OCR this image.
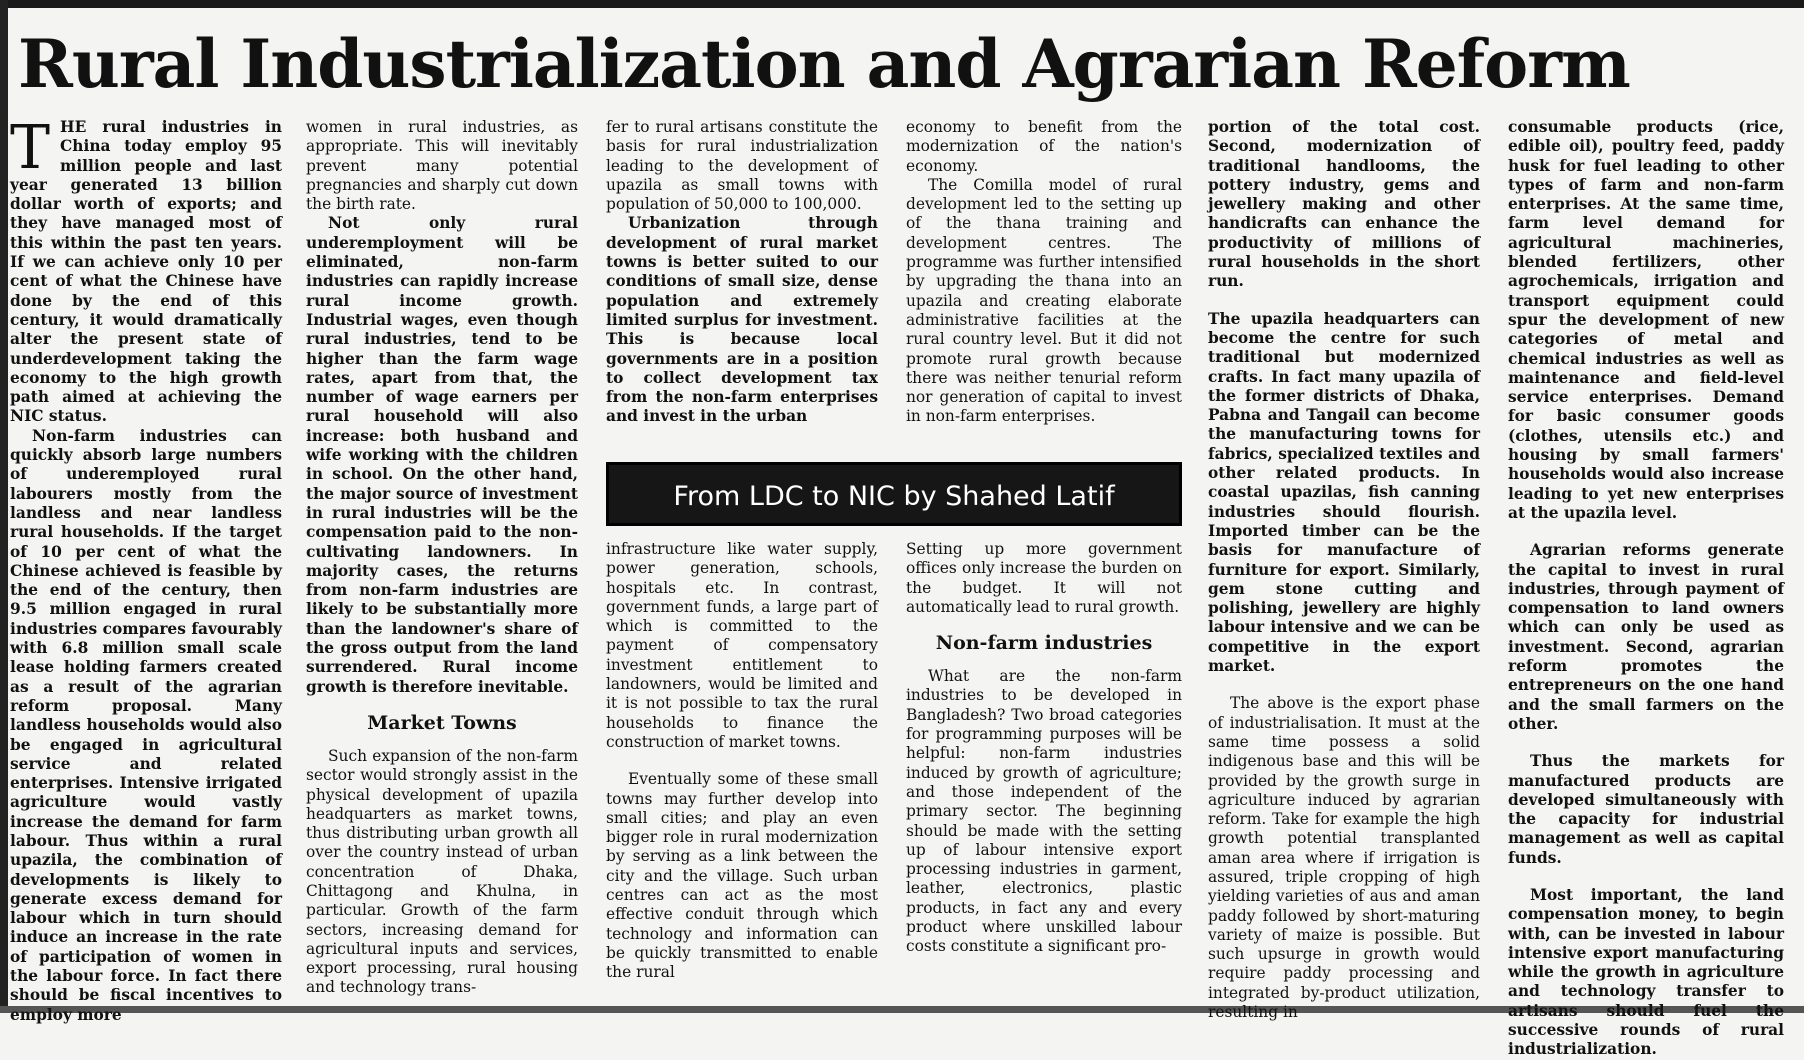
Rural Industrialization and Agrarian Reform

THE rural industries in China today employ 95 million people and last year generated 13 billion dollar worth of exports; and they have managed most of this within the past ten years. If we can achieve only 10 per cent of what the Chinese have done by the end of this century, it would dramatically alter the present state of underdevelopment taking the economy to the high growth path aimed at achieving the NIC status.

Non-farm industries can quickly absorb large numbers of underemployed rural labourers mostly from the landless and near landless rural households. If the target of 10 per cent of what the Chinese achieved is feasible by the end of the century, then 9.5 million engaged in rural industries compares favourably with 6.8 million small scale lease holding farmers created as a result of the agrarian reform proposal. Many landless households would also be engaged in agricultural service and related enterprises. Intensive irrigated agriculture would vastly increase the demand for farm labour. Thus within a rural upazila, the combination of developments is likely to generate excess demand for labour which in turn should induce an increase in the rate of participation of women in the labour force. In fact there should be fiscal incentives to employ more

women in rural industries, as appropriate. This will inevitably prevent many potential pregnancies and sharply cut down the birth rate.

Not only rural underemployment will be eliminated, non-farm industries can rapidly increase rural income growth. Industrial wages, even though rural industries, tend to be higher than the farm wage rates, apart from that, the number of wage earners per rural household will also increase: both husband and wife working with the children in school. On the other hand, the major source of investment in rural industries will be the compensation paid to the non-cultivating landowners. In majority cases, the returns from non-farm industries are likely to be substantially more than the landowner's share of the gross output from the land surrendered. Rural income growth is therefore inevitable.

Market Towns

Such expansion of the non-farm sector would strongly assist in the physical development of upazila headquarters as market towns, thus distributing urban growth all over the country instead of urban concentration of Dhaka, Chittagong and Khulna, in particular. Growth of the farm sectors, increasing demand for agricultural inputs and services, export processing, rural housing and technology trans-

fer to rural artisans constitute the basis for rural industrialization leading to the development of upazila as small towns with population of 50,000 to 100,000.

Urbanization through development of rural market towns is better suited to our conditions of small size, dense population and extremely limited surplus for investment. This is because local governments are in a position to collect development tax from the non-farm enterprises and invest in the urban

economy to benefit from the modernization of the nation's economy.

The Comilla model of rural development led to the setting up of the thana training and development centres. The programme was further intensified by upgrading the thana into an upazila and creating elaborate administrative facilities at the rural country level. But it did not promote rural growth because there was neither tenurial reform nor generation of capital to invest in non-farm enterprises.

From LDC to NIC by Shahed Latif

infrastructure like water supply, power generation, schools, hospitals etc. In contrast, government funds, a large part of which is committed to the payment of compensatory investment entitlement to landowners, would be limited and it is not possible to tax the rural households to finance the construction of market towns.

Eventually some of these small towns may further develop into small cities; and play an even bigger role in rural modernization by serving as a link between the city and the village. Such urban centres can act as the most effective conduit through which technology and information can be quickly transmitted to enable the rural

Setting up more government offices only increase the burden on the budget. It will not automatically lead to rural growth.

Non-farm industries

What are the non-farm industries to be developed in Bangladesh? Two broad categories for programming purposes will be helpful: non-farm industries induced by growth of agriculture; and those independent of the primary sector. The beginning should be made with the setting up of labour intensive export processing industries in garment, leather, electronics, plastic products, in fact any and every product where unskilled labour costs constitute a significant pro-

portion of the total cost. Second, modernization of traditional handlooms, the pottery industry, gems and jewellery making and other handicrafts can enhance the productivity of millions of rural households in the short run.

The upazila headquarters can become the centre for such traditional but modernized crafts. In fact many upazila of the former districts of Dhaka, Pabna and Tangail can become the manufacturing towns for fabrics, specialized textiles and other related products. In coastal upazilas, fish canning industries should flourish. Imported timber can be the basis for manufacture of furniture for export. Similarly, gem stone cutting and polishing, jewellery are highly labour intensive and we can be competitive in the export market.

The above is the export phase of industrialisation. It must at the same time possess a solid indigenous base and this will be provided by the growth surge in agriculture induced by agrarian reform. Take for example the high growth potential transplanted aman area where if irrigation is assured, triple cropping of high yielding varieties of aus and aman paddy followed by short-maturing variety of maize is possible. But such upsurge in growth would require paddy processing and integrated by-product utilization, resulting in

consumable products (rice, edible oil), poultry feed, paddy husk for fuel leading to other types of farm and non-farm enterprises. At the same time, farm level demand for agricultural machineries, blended fertilizers, other agrochemicals, irrigation and transport equipment could spur the development of new categories of metal and chemical industries as well as maintenance and field-level service enterprises. Demand for basic consumer goods (clothes, utensils etc.) and housing by small farmers' households would also increase leading to yet new enterprises at the upazila level.

Agrarian reforms generate the capital to invest in rural industries, through payment of compensation to land owners which can only be used as investment. Second, agrarian reform promotes the entrepreneurs on the one hand and the small farmers on the other.

Thus the markets for manufactured products are developed simultaneously with the capacity for industrial management as well as capital funds.

Most important, the land compensation money, to begin with, can be invested in labour intensive export manufacturing while the growth in agriculture and technology transfer to artisans should fuel the successive rounds of rural industrialization.
